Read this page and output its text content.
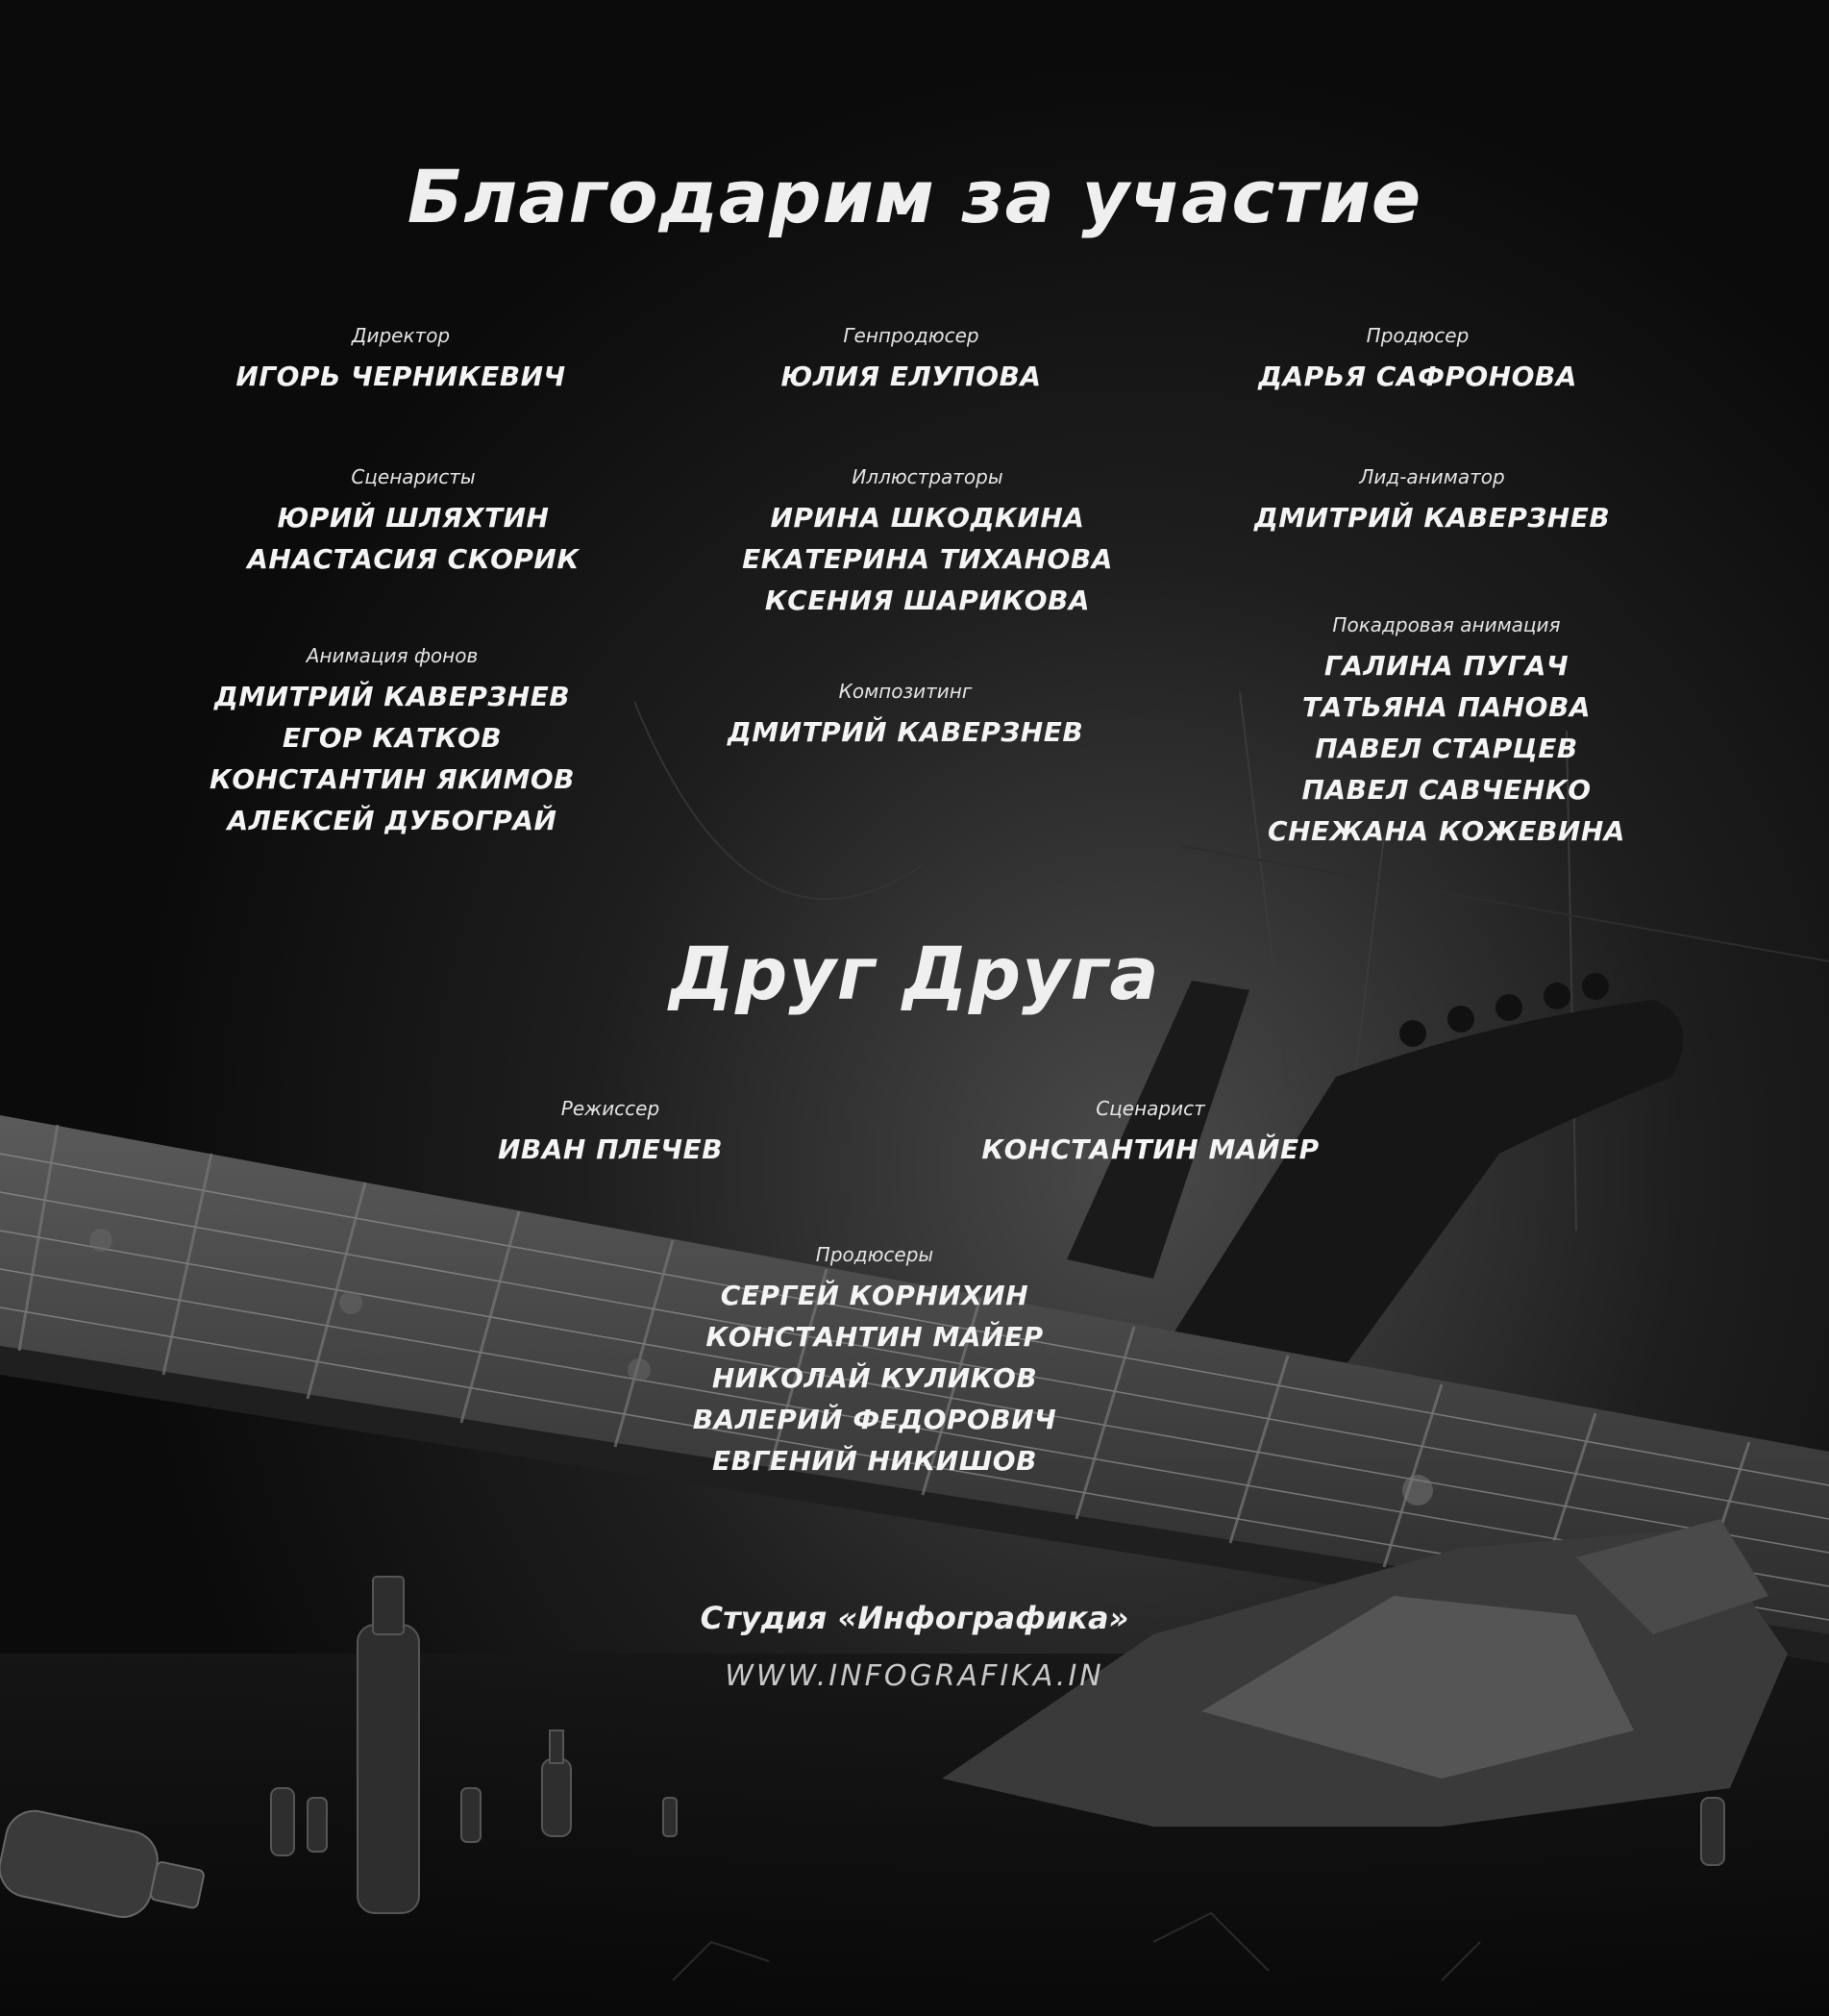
Благодарим за участие
Директор
ИГОРЬ ЧЕРНИКЕВИЧ
Генпродюсер
ЮЛИЯ ЕЛУПОВА
Продюсер
ДАРЬЯ САФРОНОВА
Сценаристы
ЮРИЙ ШЛЯХТИН
АНАСТАСИЯ СКОРИК
Иллюстраторы
ИРИНА ШКОДКИНА
ЕКАТЕРИНА ТИХАНОВА
КСЕНИЯ ШАРИКОВА
Лид-аниматор
ДМИТРИЙ КАВЕРЗНЕВ
Анимация фонов
ДМИТРИЙ КАВЕРЗНЕВ
ЕГОР КАТКОВ
КОНСТАНТИН ЯКИМОВ
АЛЕКСЕЙ ДУБОГРАЙ
Композитинг
ДМИТРИЙ КАВЕРЗНЕВ
Покадровая анимация
ГАЛИНА ПУГАЧ
ТАТЬЯНА ПАНОВА
ПАВЕЛ СТАРЦЕВ
ПАВЕЛ САВЧЕНКО
СНЕЖАНА КОЖЕВИНА
Друг Друга
Режиссер
ИВАН ПЛЕЧЕВ
Сценарист
КОНСТАНТИН МАЙЕР
Продюсеры
СЕРГЕЙ КОРНИХИН
КОНСТАНТИН МАЙЕР
НИКОЛАЙ КУЛИКОВ
ВАЛЕРИЙ ФЕДОРОВИЧ
ЕВГЕНИЙ НИКИШОВ
Студия «Инфографика»
WWW.INFOGRAFIKA.IN
